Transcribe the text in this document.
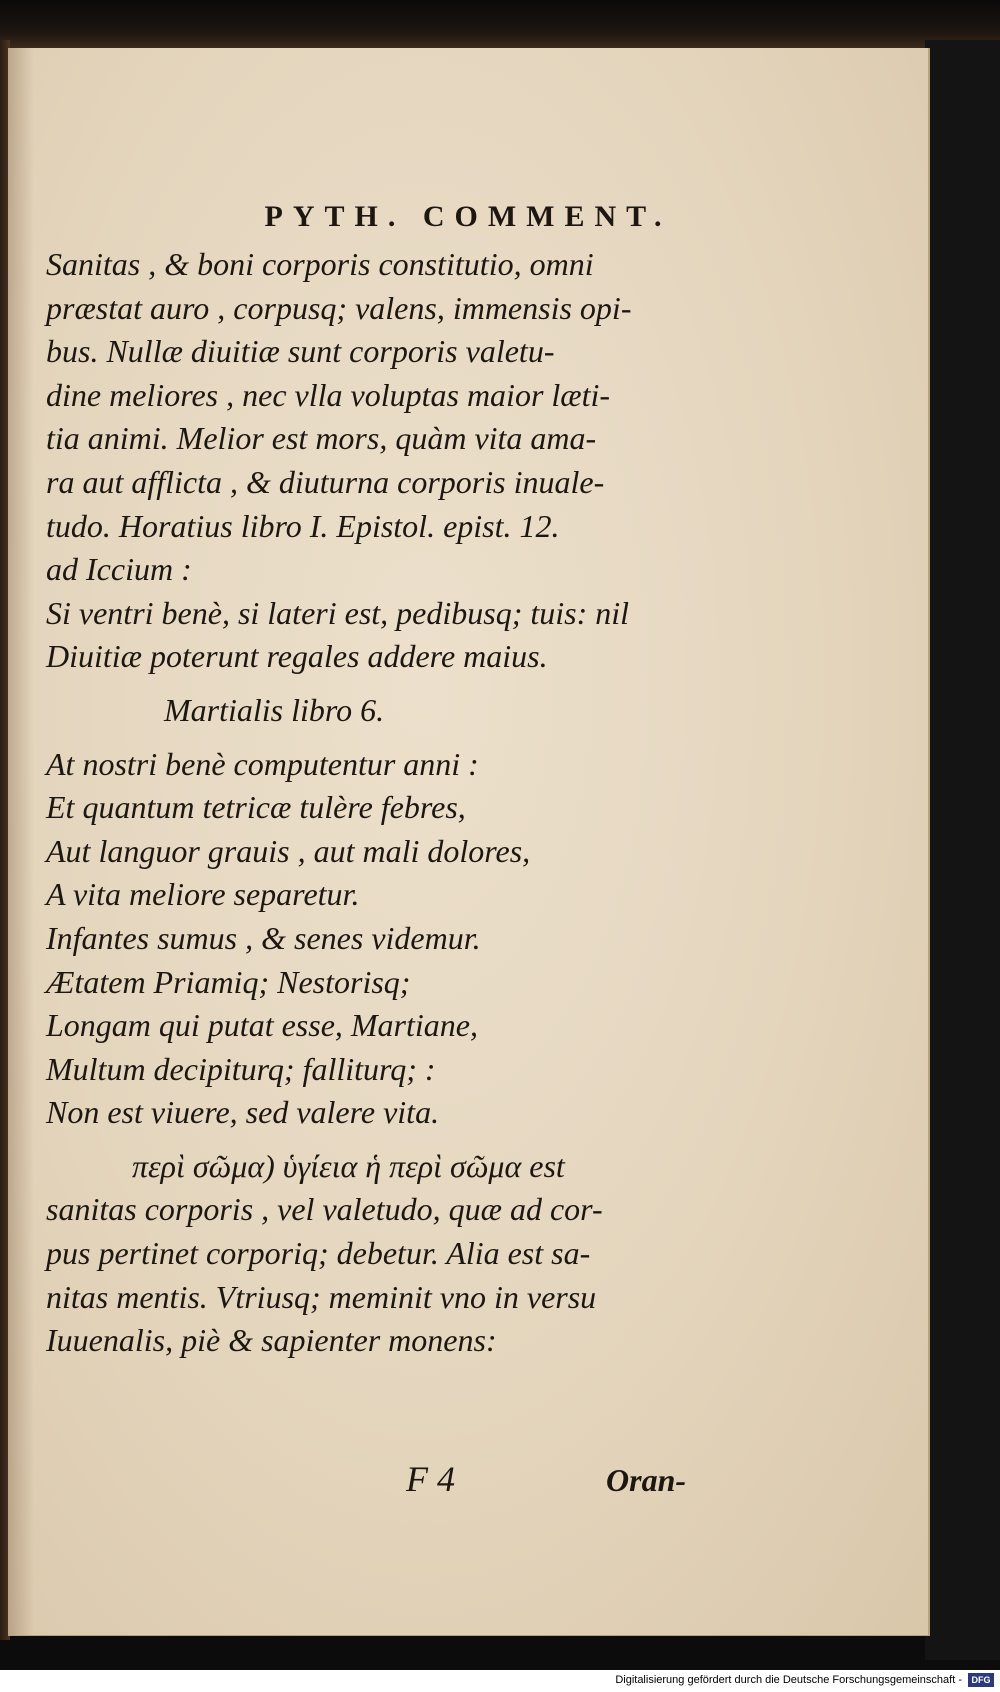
PYTH. COMMENT.
Sanitas , & boni corporis constitutio, omni
præstat auro , corpusq; valens, immensis opi-
bus. Nullæ diuitiæ sunt corporis valetu-
dine meliores , nec vlla voluptas maior læti-
tia animi. Melior est mors, quàm vita ama-
ra aut afflicta , & diuturna corporis inuale-
tudo. Horatius libro I. Epistol. epist. 12.
ad Iccium :
Si ventri benè, si lateri est, pedibusq; tuis: nil
Diuitiæ poterunt regales addere maius.
Martialis libro 6.
At nostri benè computentur anni :
Et quantum tetricæ tulère febres,
Aut languor grauis , aut mali dolores,
A vita meliore separetur.
Infantes sumus , & senes videmur.
Ætatem Priamiq; Nestorisq;
Longam qui putat esse, Martiane,
Multum decipiturq; falliturq; :
Non est viuere, sed valere vita.
περὶ σῶμα) ὑγίεια ἡ περὶ σῶμα est
sanitas corporis , vel valetudo, quæ ad cor-
pus pertinet corporiq; debetur. Alia est sa-
nitas mentis. Vtriusq; meminit vno in versu
Iuuenalis, piè & sapienter monens:
F 4	Oran-
Digitalisierung gefördert durch die Deutsche Forschungsgemeinschaft - DFG
